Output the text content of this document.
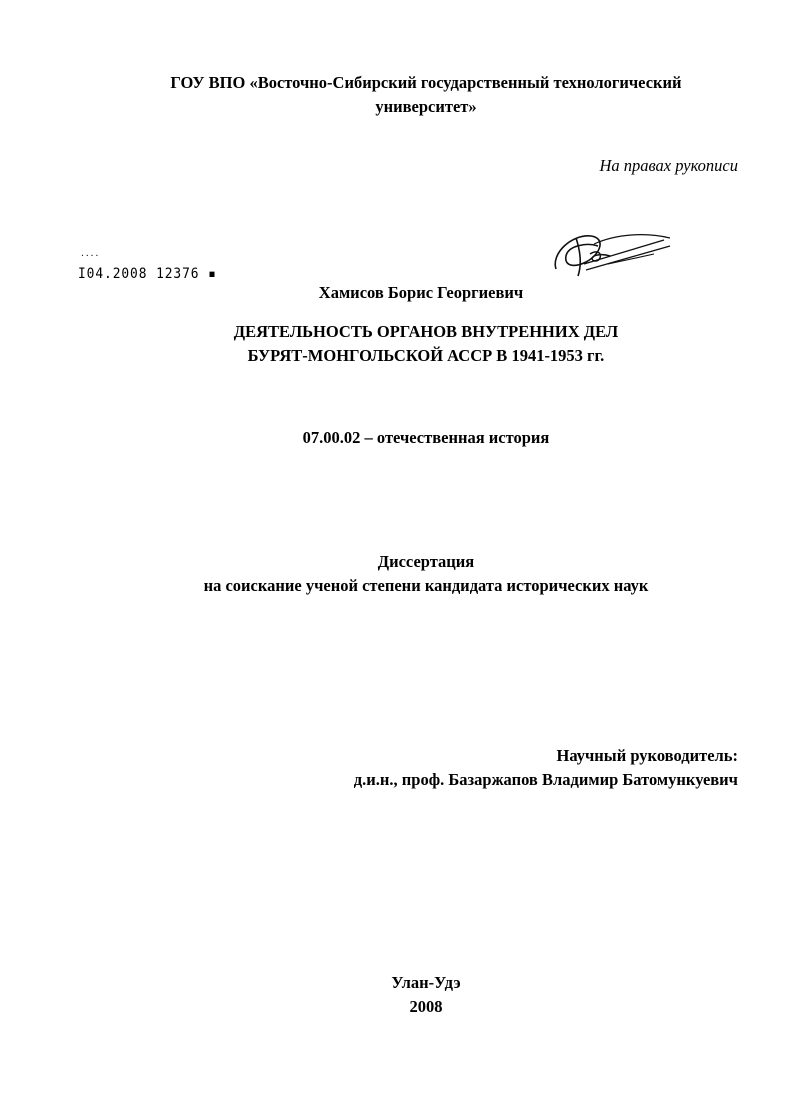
ГОУ ВПО «Восточно-Сибирский государственный технологический
университет»
На правах рукописи
····
I04.2008 12376 ▪
Хамисов Борис Георгиевич
ДЕЯТЕЛЬНОСТЬ ОРГАНОВ ВНУТРЕННИХ ДЕЛ
БУРЯТ-МОНГОЛЬСКОЙ АССР В 1941-1953 гг.
07.00.02 – отечественная история
Диссертация
на соискание ученой степени кандидата исторических наук
Научный руководитель:
д.и.н., проф. Базаржапов Владимир Батомункуевич
Улан-Удэ
2008
